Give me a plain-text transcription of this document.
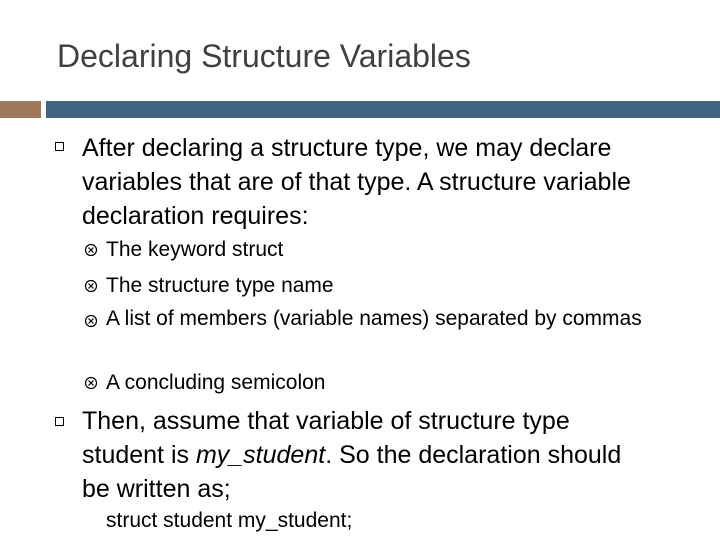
Declaring Structure Variables
After declaring a structure type, we may declare variables that are of that type. A structure variable declaration requires:
The keyword struct
The structure type name
A list of members (variable names) separated by commas
A concluding semicolon
Then, assume that variable of structure type student is my_student. So the declaration should be written as;
struct student my_student;
